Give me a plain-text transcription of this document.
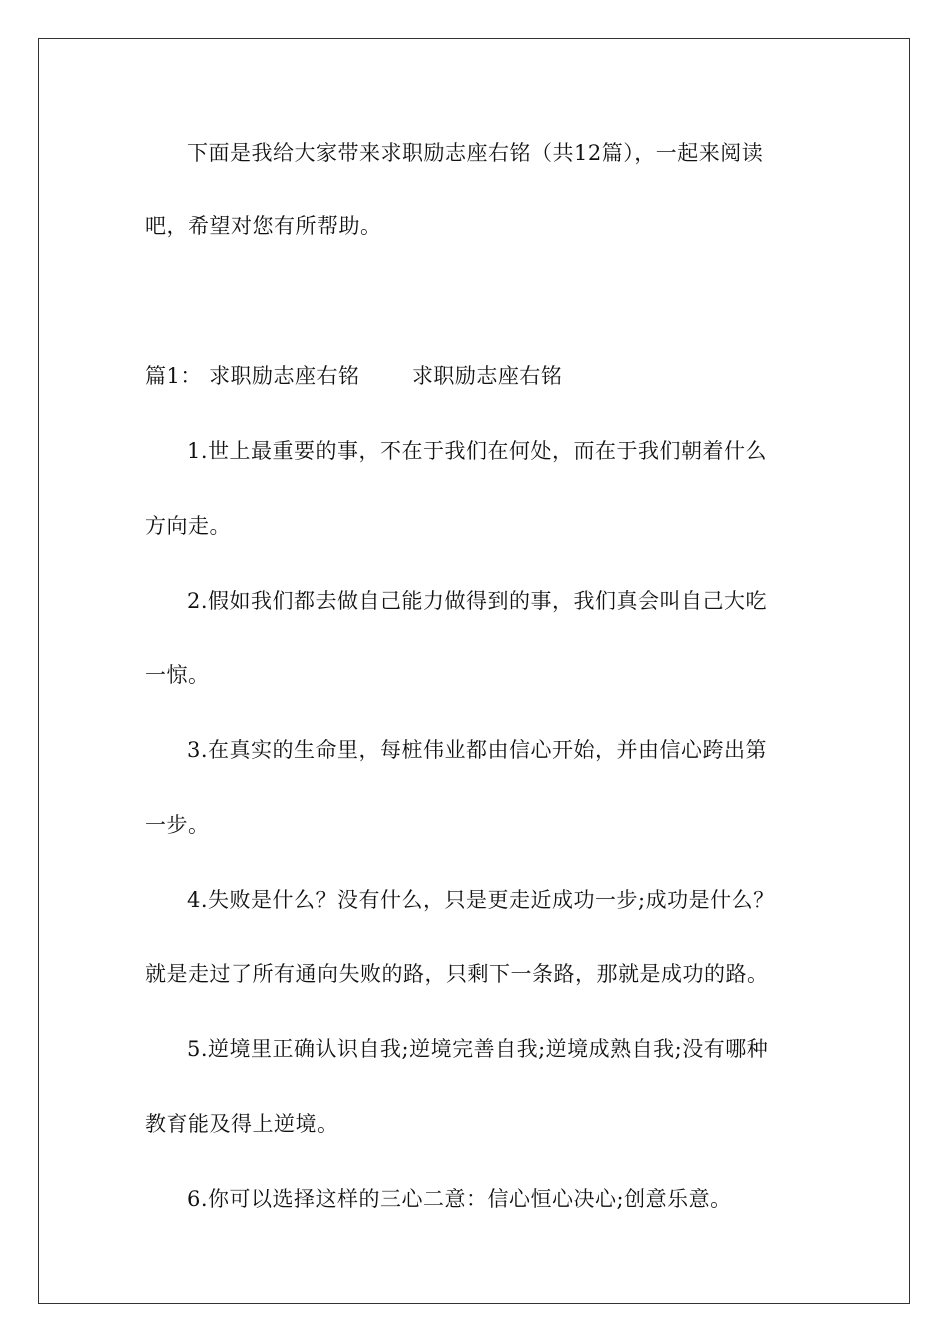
下面是我给大家带来求职励志座右铭（共12篇），一起来阅读
吧，希望对您有所帮助。
篇1： 求职励志座右铭 求职励志座右铭
1.世上最重要的事，不在于我们在何处，而在于我们朝着什么
方向走。
2.假如我们都去做自己能力做得到的事，我们真会叫自己大吃
一惊。
3.在真实的生命里，每桩伟业都由信心开始，并由信心跨出第
一步。
4.失败是什么？没有什么，只是更走近成功一步;成功是什么？
就是走过了所有通向失败的路，只剩下一条路，那就是成功的路。
5.逆境里正确认识自我;逆境完善自我;逆境成熟自我;没有哪种
教育能及得上逆境。
6.你可以选择这样的三心二意：信心恒心决心;创意乐意。
